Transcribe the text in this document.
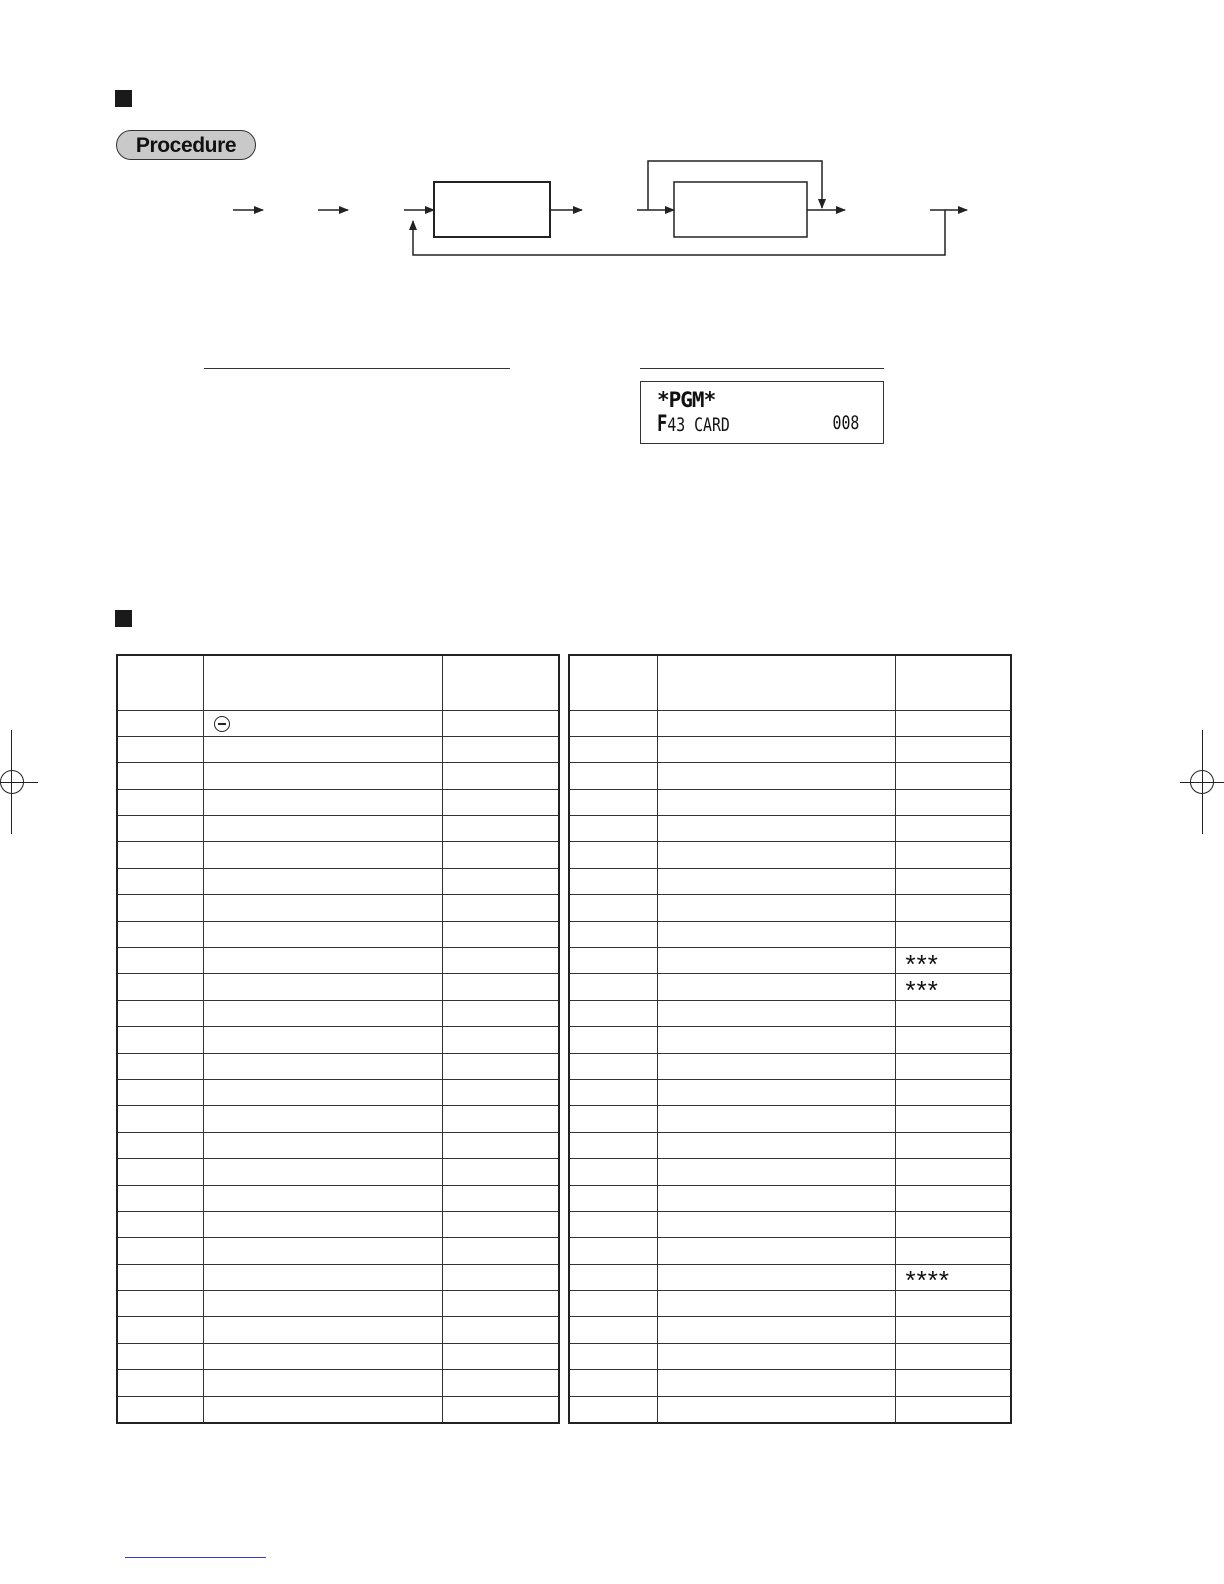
Procedure
*PGM*
F43 CARD	008

		***
		***

		****
